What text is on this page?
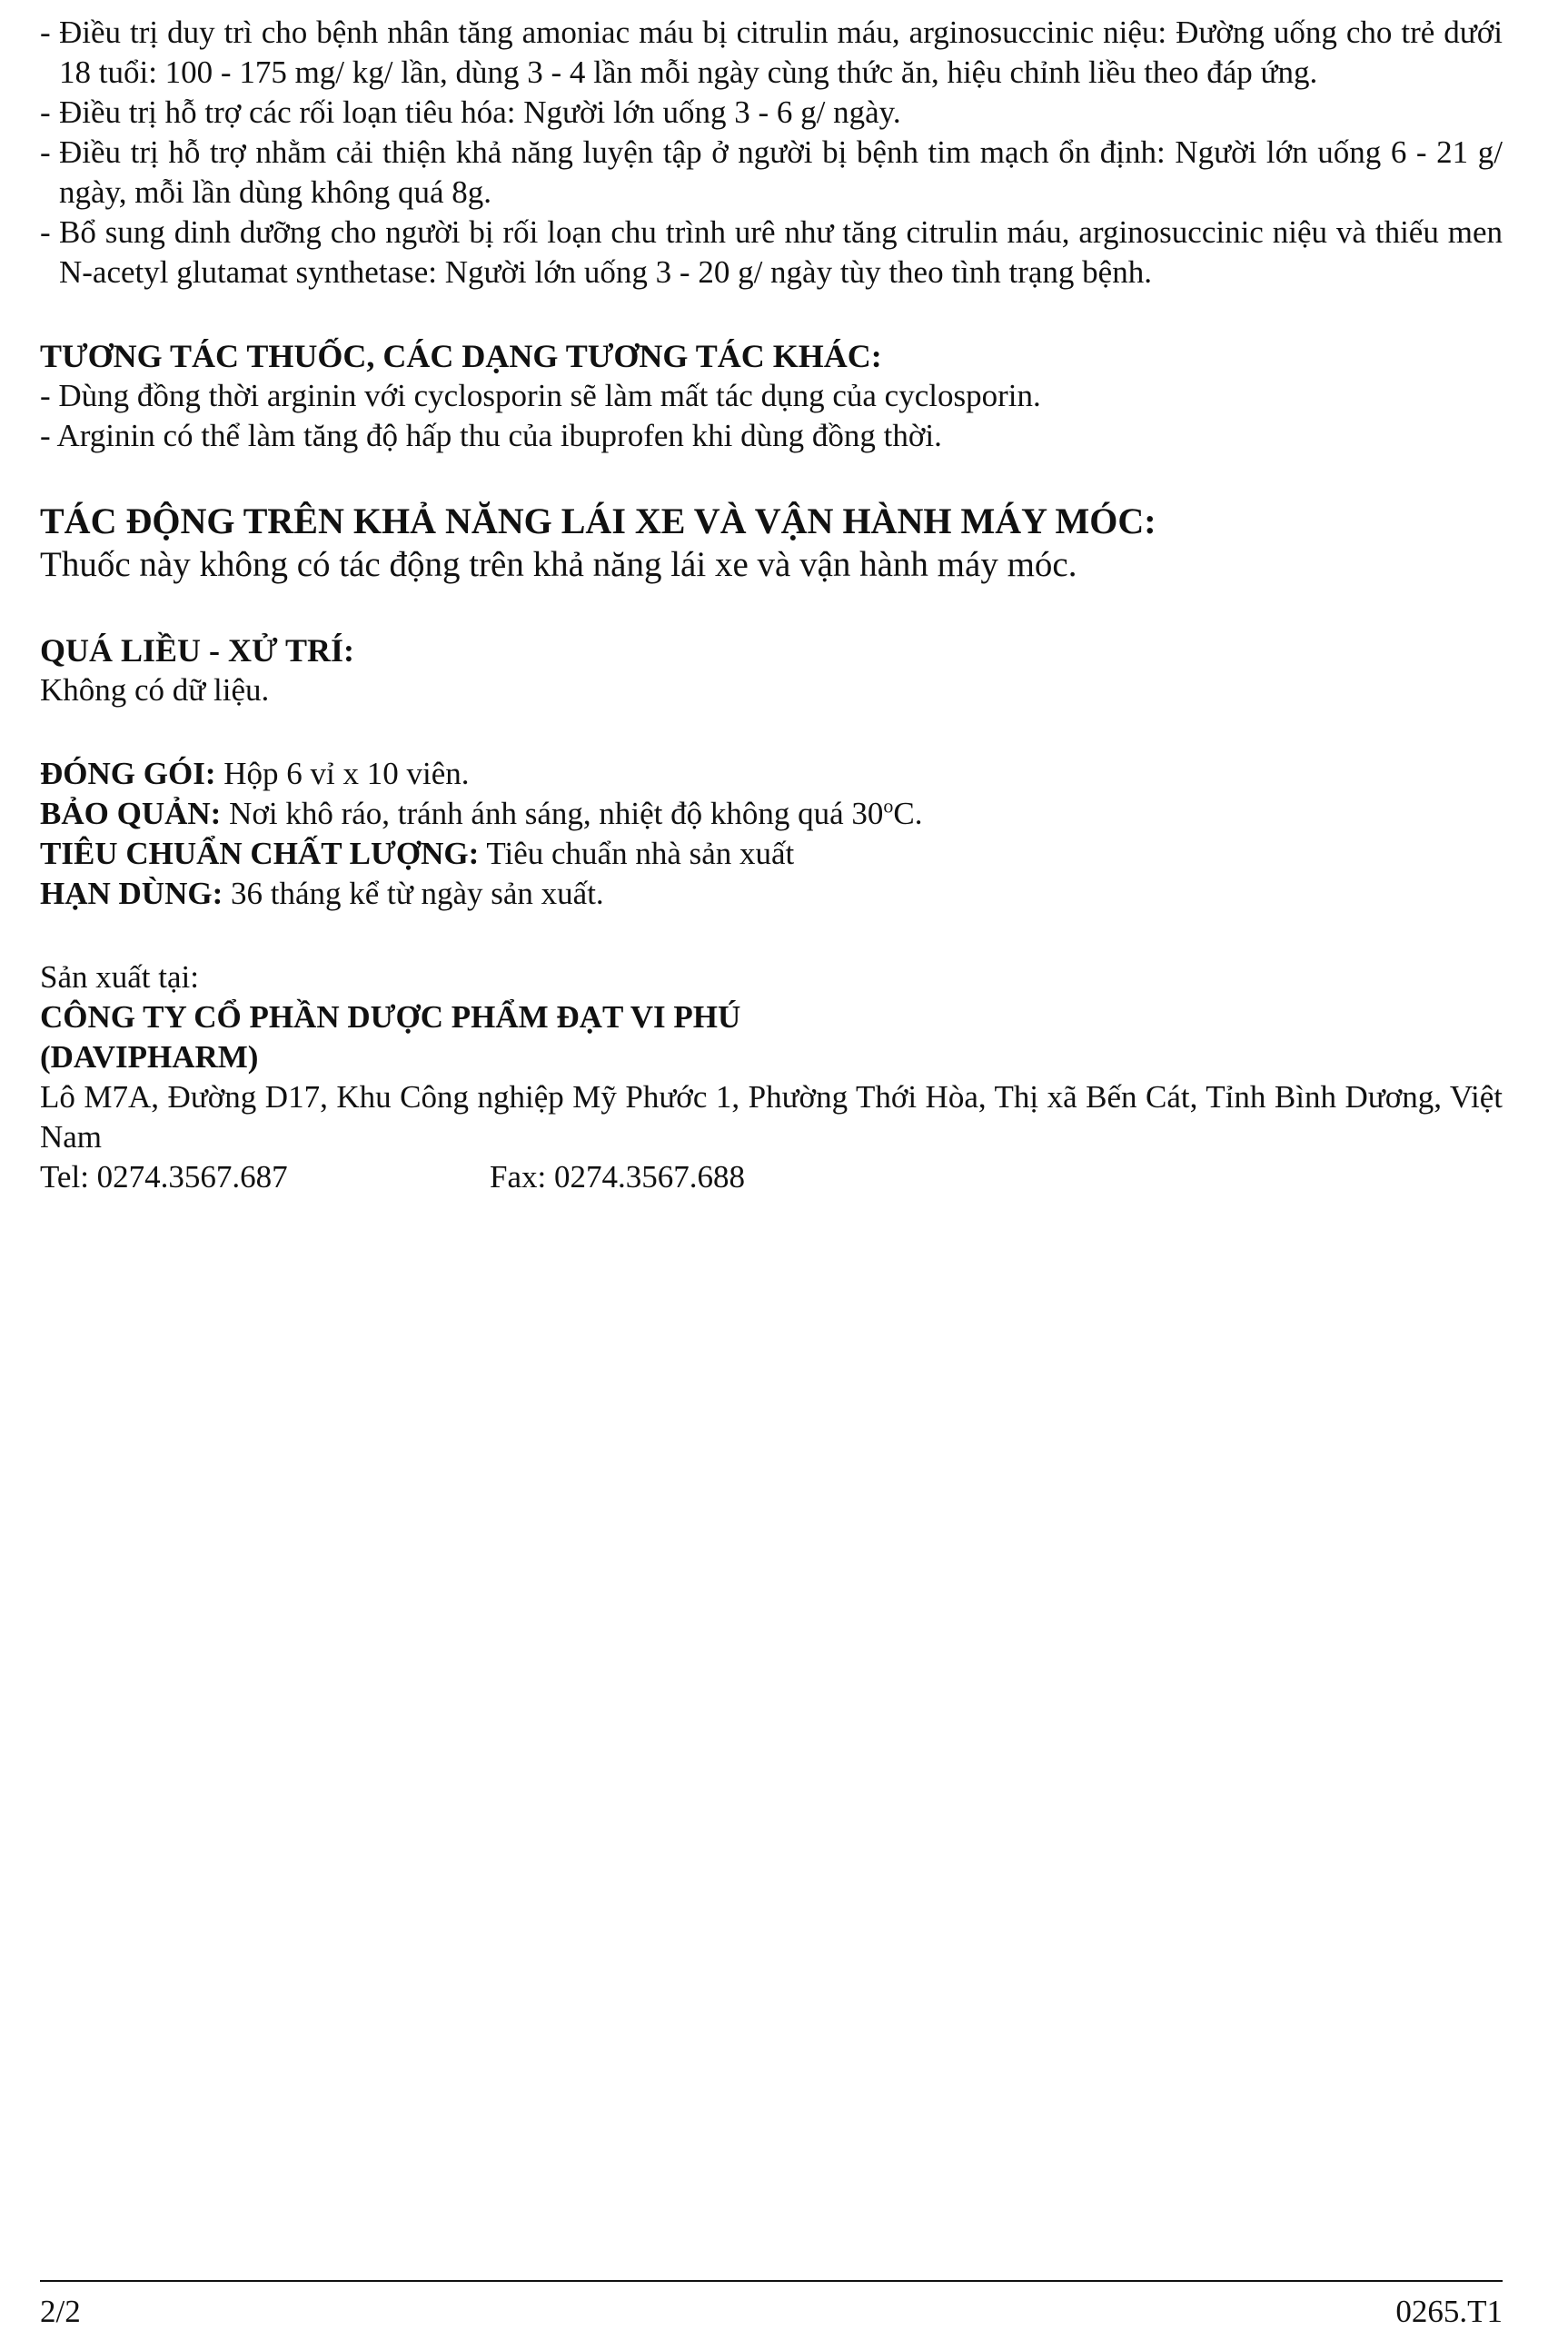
- Điều trị duy trì cho bệnh nhân tăng amoniac máu bị citrulin máu, arginosuccinic niệu: Đường uống cho trẻ dưới 18 tuổi: 100 - 175 mg/ kg/ lần, dùng 3 - 4 lần mỗi ngày cùng thức ăn, hiệu chỉnh liều theo đáp ứng.
- Điều trị hỗ trợ các rối loạn tiêu hóa: Người lớn uống 3 - 6 g/ ngày.
- Điều trị hỗ trợ nhằm cải thiện khả năng luyện tập ở người bị bệnh tim mạch ổn định: Người lớn uống 6 - 21 g/ ngày, mỗi lần dùng không quá 8g.
- Bổ sung dinh dưỡng cho người bị rối loạn chu trình urê như tăng citrulin máu, arginosuccinic niệu và thiếu men N-acetyl glutamat synthetase: Người lớn uống 3 - 20 g/ ngày tùy theo tình trạng bệnh.
TƯƠNG TÁC THUỐC, CÁC DẠNG TƯƠNG TÁC KHÁC:

- Dùng đồng thời arginin với cyclosporin sẽ làm mất tác dụng của cyclosporin.

- Arginin có thể làm tăng độ hấp thu của ibuprofen khi dùng đồng thời.

TÁC ĐỘNG TRÊN KHẢ NĂNG LÁI XE VÀ VẬN HÀNH MÁY MÓC:

Thuốc này không có tác động trên khả năng lái xe và vận hành máy móc.

QUÁ LIỀU - XỬ TRÍ:

Không có dữ liệu.

ĐÓNG GÓI: Hộp 6 vỉ x 10 viên.

BẢO QUẢN: Nơi khô ráo, tránh ánh sáng, nhiệt độ không quá 30$^o$C.

TIÊU CHUẨN CHẤT LƯỢNG: Tiêu chuẩn nhà sản xuất

HẠN DÙNG: 36 tháng kể từ ngày sản xuất.

Sản xuất tại:

CÔNG TY CỔ PHẦN DƯỢC PHẨM ĐẠT VI PHÚ

(DAVIPHARM)

Lô M7A, Đường D17, Khu Công nghiệp Mỹ Phước 1, Phường Thới Hòa, Thị xã Bến Cát, Tỉnh Bình Dương, Việt Nam

Tel: 0274.3567.687	Fax: 0274.3567.688
2/2	0265.T1
